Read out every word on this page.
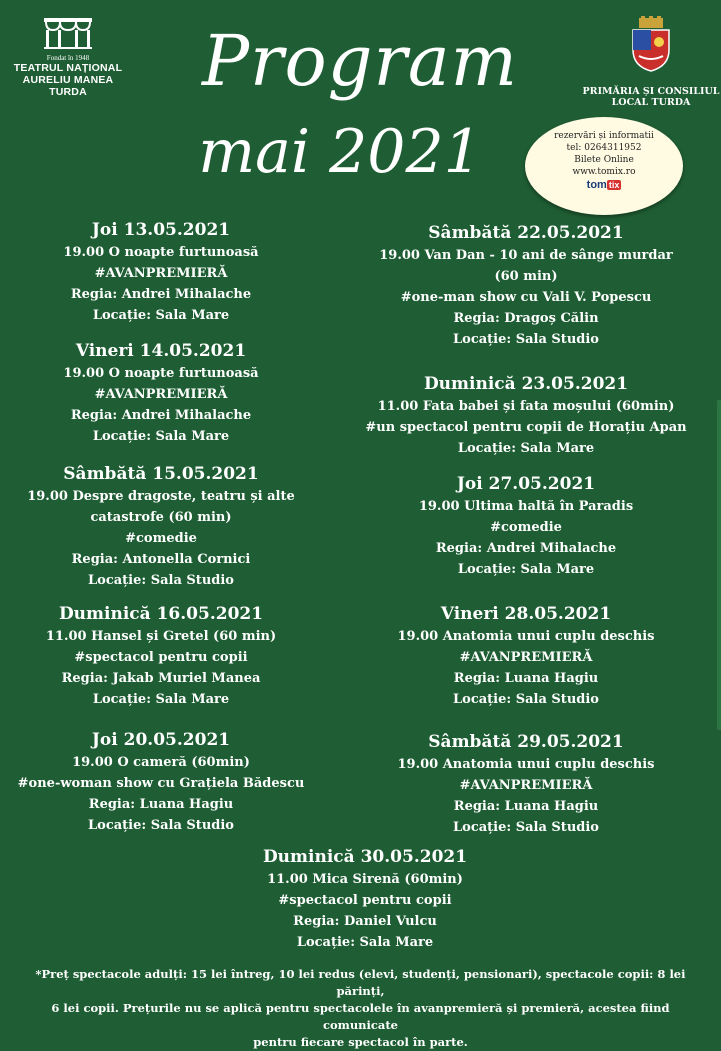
Fondat în 1948
TEATRUL NAȚIONAL
AURELIU MANEA
TURDA	PRIMĂRIA ȘI CONSILIUL
LOCAL TURDA
Program
mai 2021	rezervări și informatii
tel: 0264311952
Bilete Online
www.tomix.ro
tom tix
Joi 13.05.2021
19.00 O noapte furtunoasă
#AVANPREMIERĂ
Regia: Andrei Mihalache
Locație: Sala Mare
Vineri 14.05.2021
19.00 O noapte furtunoasă
#AVANPREMIERĂ
Regia: Andrei Mihalache
Locație: Sala Mare
Sâmbătă 15.05.2021
19.00 Despre dragoste, teatru și alte
catastrofe (60 min)
#comedie
Regia: Antonella Cornici
Locație: Sala Studio
Duminică 16.05.2021
11.00 Hansel și Gretel (60 min)
#spectacol pentru copii
Regia: Jakab Muriel Manea
Locație: Sala Mare
Joi 20.05.2021
19.00 O cameră (60min)
#one-woman show cu Grațiela Bădescu
Regia: Luana Hagiu
Locație: Sala Studio
Sâmbătă 22.05.2021
19.00 Van Dan - 10 ani de sânge murdar
(60 min)
#one-man show cu Vali V. Popescu
Regia: Dragoș Călin
Locație: Sala Studio
Duminică 23.05.2021
11.00 Fata babei și fata moșului (60min)
#un spectacol pentru copii de Horațiu Apan
Locație: Sala Mare
Joi 27.05.2021
19.00 Ultima haltă în Paradis
#comedie
Regia: Andrei Mihalache
Locație: Sala Mare
Vineri 28.05.2021
19.00 Anatomia unui cuplu deschis
#AVANPREMIERĂ
Regia: Luana Hagiu
Locație: Sala Studio
Sâmbătă 29.05.2021
19.00 Anatomia unui cuplu deschis
#AVANPREMIERĂ
Regia: Luana Hagiu
Locație: Sala Studio
Duminică 30.05.2021
11.00 Mica Sirenă (60min)
#spectacol pentru copii
Regia: Daniel Vulcu
Locație: Sala Mare
*Preț spectacole adulți: 15 lei întreg, 10 lei redus (elevi, studenți, pensionari), spectacole copii: 8 lei părinți,
6 lei copii. Prețurile nu se aplică pentru spectacolele în avanpremieră și premieră, acestea fiind comunicate
pentru fiecare spectacol în parte.
